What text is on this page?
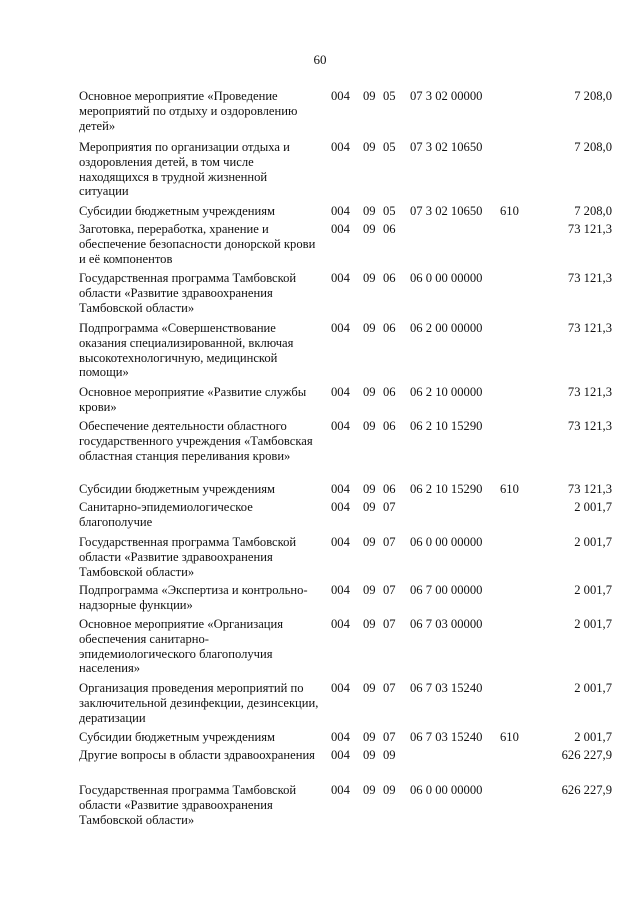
60
Основное мероприятие «Проведение мероприятий по отдыху и оздоровлению детей»
004 09 05 07 3 02 00000	7 208,0
Мероприятия по организации отдыха и оздоровления детей, в том числе находящихся в трудной жизненной ситуации
004 09 05 07 3 02 10650	7 208,0
Субсидии бюджетным учреждениям	004 09 05 07 3 02 10650 610	7 208,0
Заготовка, переработка, хранение и обеспечение безопасности донорской крови и её компонентов
004 09 06	73 121,3
Государственная программа Тамбовской области «Развитие здравоохранения Тамбовской области»
004 09 06 06 0 00 00000	73 121,3
Подпрограмма «Совершенствование оказания специализированной, включая высокотехнологичную, медицинской помощи»
004 09 06 06 2 00 00000	73 121,3
Основное мероприятие «Развитие службы крови»
004 09 06 06 2 10 00000	73 121,3
Обеспечение деятельности областного государственного учреждения «Тамбовская областная станция переливания крови»
004 09 06 06 2 10 15290	73 121,3
Субсидии бюджетным учреждениям	004 09 06 06 2 10 15290 610	73 121,3
Санитарно-эпидемиологическое благополучие
004 09 07	2 001,7
Государственная программа Тамбовской области «Развитие здравоохранения Тамбовской области»
004 09 07 06 0 00 00000	2 001,7
Подпрограмма «Экспертиза и контрольно-надзорные функции»
004 09 07 06 7 00 00000	2 001,7
Основное мероприятие «Организация обеспечения санитарно-эпидемиологического благополучия населения»
004 09 07 06 7 03 00000	2 001,7
Организация проведения мероприятий по заключительной дезинфекции, дезинсекции, дератизации
004 09 07 06 7 03 15240	2 001,7
Субсидии бюджетным учреждениям	004 09 07 06 7 03 15240 610	2 001,7
Другие вопросы в области здравоохранения	004 09 09	626 227,9
Государственная программа Тамбовской области «Развитие здравоохранения Тамбовской области»
004 09 09 06 0 00 00000	626 227,9
